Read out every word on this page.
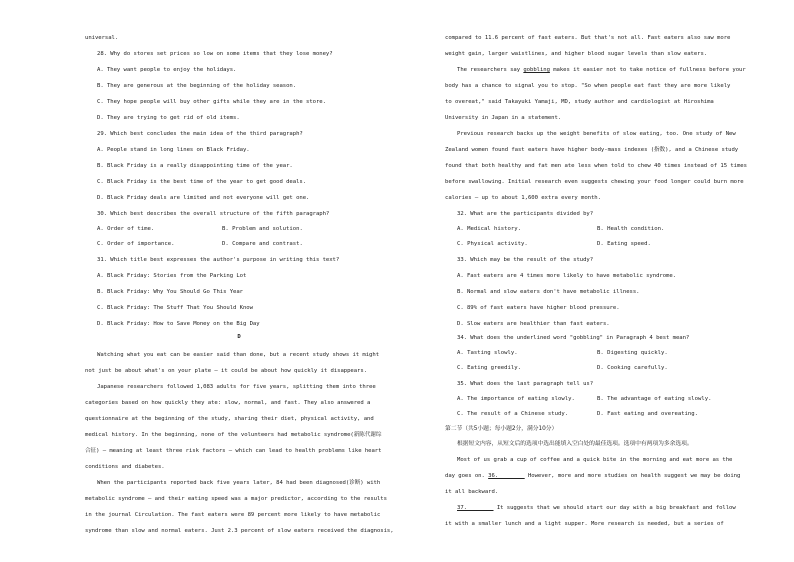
universal.
28. Why do stores set prices so low on some items that they lose money?
A. They want people to enjoy the holidays.
B. They are generous at the beginning of the holiday season.
C. They hope people will buy other gifts while they are in the store.
D. They are trying to get rid of old items.
29. Which best concludes the main idea of the third paragraph?
A. People stand in long lines on Black Friday.
B. Black Friday is a really disappointing time of the year.
C. Black Friday is the best time of the year to get good deals.
D. Black Friday deals are limited and not everyone will get one.
30. Which best describes the overall structure of the fifth paragraph?
A. Order of time.	B. Problem and solution.
C. Order of importance.	D. Compare and contrast.
31. Which title best expresses the author's purpose in writing this text?
A. Black Friday: Stories from the Parking Lot
B. Black Friday: Why You Should Go This Year
C. Black Friday: The Stuff That You Should Know
D. Black Friday: How to Save Money on the Big Day
D
Watching what you eat can be easier said than done, but a recent study shows it might
not just be about what's on your plate — it could be about how quickly it disappears.
Japanese researchers followed 1,083 adults for five years, splitting them into three
categories based on how quickly they ate: slow, normal, and fast. They also answered a
questionnaire at the beginning of the study, sharing their diet, physical activity, and
medical history. In the beginning, none of the volunteers had metabolic syndrome(新陈代谢综
合征) — meaning at least three risk factors — which can lead to health problems like heart
conditions and diabetes.
When the participants reported back five years later, 84 had been diagnosed(诊断) with
metabolic syndrome — and their eating speed was a major predictor, according to the results
in the journal Circulation. The fast eaters were 89 percent more likely to have metabolic
syndrome than slow and normal eaters. Just 2.3 percent of slow eaters received the diagnosis,
compared to 11.6 percent of fast eaters. But that's not all. Fast eaters also saw more
weight gain, larger waistlines, and higher blood sugar levels than slow eaters.
The researchers say gobbling makes it easier not to take notice of fullness before your
body has a chance to signal you to stop. "So when people eat fast they are more likely
to overeat," said Takayuki Yamaji, MD, study author and cardiologist at Hiroshima
University in Japan in a statement.
Previous research backs up the weight benefits of slow eating, too. One study of New
Zealand women found fast eaters have higher body-mass indexes (指数), and a Chinese study
found that both healthy and fat men ate less when told to chew 40 times instead of 15 times
before swallowing. Initial research even suggests chewing your food longer could burn more
calories — up to about 1,600 extra every month.
32. What are the participants divided by?
A. Medical history.	B. Health condition.
C. Physical activity.	D. Eating speed.
33. Which may be the result of the study?
A. Fast eaters are 4 times more likely to have metabolic syndrome.
B. Normal and slow eaters don't have metabolic illness.
C. 89% of fast eaters have higher blood pressure.
D. Slow eaters are healthier than fast eaters.
34. What does the underlined word "gobbling" in Paragraph 4 best mean?
A. Tasting slowly.	B. Digesting quickly.
C. Eating greedily.	D. Cooking carefully.
35. What does the last paragraph tell us?
A. The importance of eating slowly.	B. The advantage of eating slowly.
C. The result of a Chinese study.	D. Fast eating and overeating.
第二节（共5小题；每小题2分，满分10分）
根据短文内容，从短文后的选项中选出能填入空白处的最佳选项。选项中有两项为多余选项。
Most of us grab a cup of coffee and a quick bite in the morning and eat more as the
day goes on. 36.________ However, more and more studies on health suggest we may be doing
it all backward.
37.________ It suggests that we should start our day with a big breakfast and follow
it with a smaller lunch and a light supper. More research is needed, but a series of
